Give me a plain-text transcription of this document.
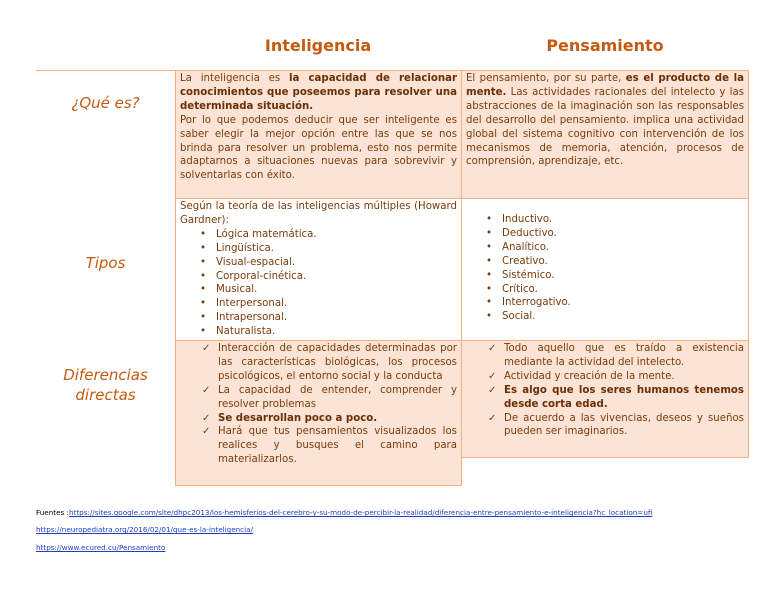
Inteligencia	Pensamiento
¿Qué es?
Tipos
Diferencias
directas

La inteligencia es la capacidad de relacionar conocimientos que poseemos para resolver una determinada situación.

Por lo que podemos deducir que ser inteligente es saber elegir la mejor opción entre las que se nos brinda para resolver un problema, esto nos permite adaptarnos a situaciones nuevas para sobrevivir y solventarlas con éxito.

El pensamiento, por su parte, es el producto de la mente. Las actividades racionales del intelecto y las abstracciones de la imaginación son las responsables del desarrollo del pensamiento. implica una actividad global del sistema cognitivo con intervención de los mecanismos de memoria, atención, procesos de comprensión, aprendizaje, etc.

Según la teoría de las inteligencias múltiples (Howard Gardner):

• Lógica matemática.
• Lingüística.
• Visual-espacial.
• Corporal-cinética.
• Musical.
• Interpersonal.
• Intrapersonal.
• Naturalista.
• Inductivo.
• Deductivo.
• Analítico.
• Creativo.
• Sistémico.
• Crítico.
• Interrogativo.
• Social.
✓ Interacción de capacidades determinadas por las características biológicas, los procesos psicológicos, el entorno social y la conducta
✓ La capacidad de entender, comprender y resolver problemas
✓ Se desarrollan poco a poco.
✓ Hará que tus pensamientos visualizados los realices y busques el camino para materializarlos.
✓ Todo aquello que es traído a existencia mediante la actividad del intelecto.
✓ Actividad y creación de la mente.
✓ Es algo que los seres humanos tenemos desde corta edad.
✓ De acuerdo a las vivencias, deseos y sueños pueden ser imaginarios.
Fuentes :https://sites.google.com/site/dhpc2013/los-hemisferios-del-cerebro-y-su-modo-de-percibir-la-realidad/diferencia-entre-pensamiento-e-inteligencia?hc_location=ufi
https://neuropediatra.org/2016/02/01/que-es-la-inteligencia/
https://www.ecured.cu/Pensamiento
